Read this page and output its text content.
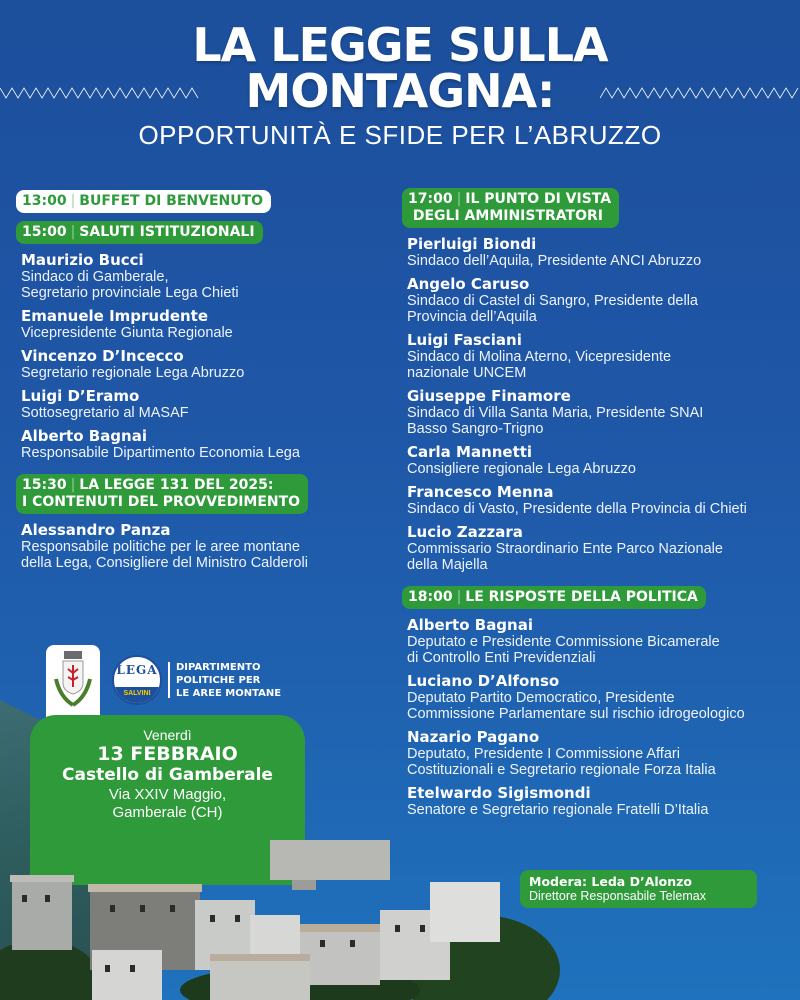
LA LEGGE SULLA
MONTAGNA:
OPPORTUNITÀ E SFIDE PER L’ABRUZZO
13:00 | BUFFET DI BENVENUTO
15:00 | SALUTI ISTITUZIONALI
Maurizio Bucci
Sindaco di Gamberale,
Segretario provinciale Lega Chieti
Emanuele Imprudente
Vicepresidente Giunta Regionale
Vincenzo D’Incecco
Segretario regionale Lega Abruzzo
Luigi D’Eramo
Sottosegretario al MASAF
Alberto Bagnai
Responsabile Dipartimento Economia Lega
15:30 | LA LEGGE 131 DEL 2025:
I CONTENUTI DEL PROVVEDIMENTO
Alessandro Panza
Responsabile politiche per le aree montane
della Lega, Consigliere del Ministro Calderoli
17:00 | IL PUNTO DI VISTA
DEGLI AMMINISTRATORI
Pierluigi Biondi
Sindaco dell’Aquila, Presidente ANCI Abruzzo
Angelo Caruso
Sindaco di Castel di Sangro, Presidente della
Provincia dell’Aquila
Luigi Fasciani
Sindaco di Molina Aterno, Vicepresidente
nazionale UNCEM
Giuseppe Finamore
Sindaco di Villa Santa Maria, Presidente SNAI
Basso Sangro-Trigno
Carla Mannetti
Consigliere regionale Lega Abruzzo
Francesco Menna
Sindaco di Vasto, Presidente della Provincia di Chieti
Lucio Zazzara
Commissario Straordinario Ente Parco Nazionale
della Majella
18:00 | LE RISPOSTE DELLA POLITICA
Alberto Bagnai
Deputato e Presidente Commissione Bicamerale
di Controllo Enti Previdenziali
Luciano D’Alfonso
Deputato Partito Democratico, Presidente
Commissione Parlamentare sul rischio idrogeologico
Nazario Pagano
Deputato, Presidente I Commissione Affari
Costituzionali e Segretario regionale Forza Italia
Etelwardo Sigismondi
Senatore e Segretario regionale Fratelli D’Italia
LEGA
SALVINI
DIPARTIMENTO
POLITICHE PER
LE AREE MONTANE
Venerdì
13 FEBBRAIO
Castello di Gamberale
Via XXIV Maggio,
Gamberale (CH)
Modera: Leda D’Alonzo
Direttore Responsabile Telemax
